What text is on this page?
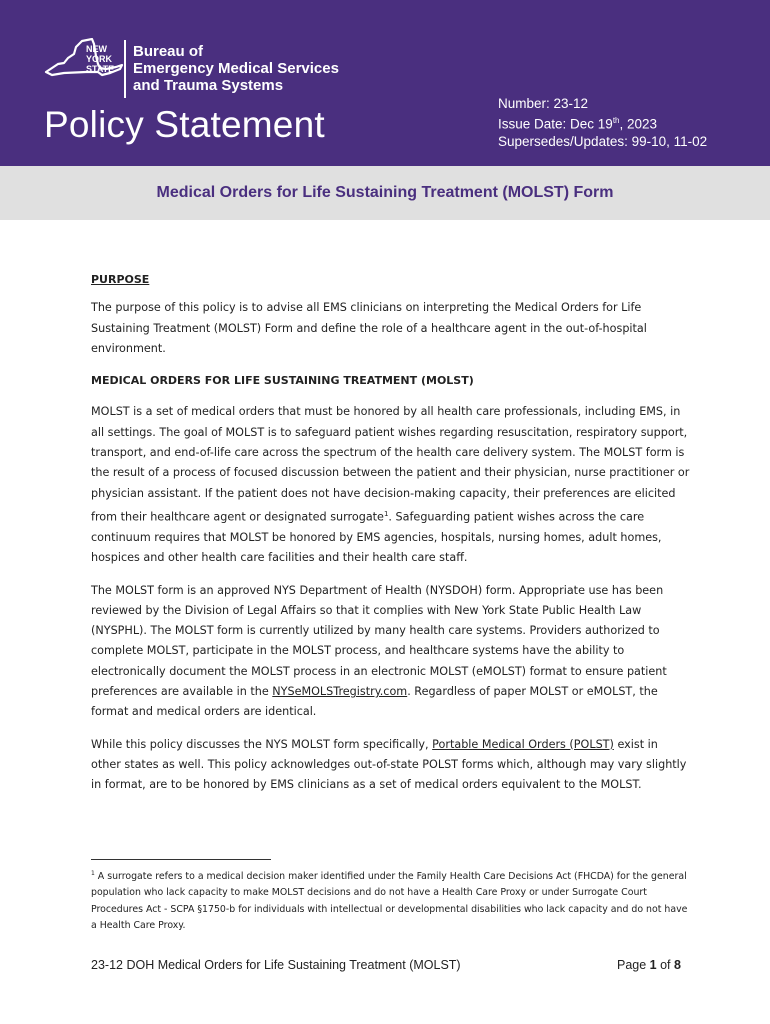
NEW
YORK
STATE
Bureau of
Emergency Medical Services
and Trauma Systems
Policy Statement
Number: 23-12
Issue Date: Dec 19th, 2023
Supersedes/Updates: 99-10, 11-02
Medical Orders for Life Sustaining Treatment (MOLST) Form

PURPOSE

The purpose of this policy is to advise all EMS clinicians on interpreting the Medical Orders for Life Sustaining Treatment (MOLST) Form and define the role of a healthcare agent in the out-of-hospital environment.

MEDICAL ORDERS FOR LIFE SUSTAINING TREATMENT (MOLST)

MOLST is a set of medical orders that must be honored by all health care professionals, including EMS, in all settings. The goal of MOLST is to safeguard patient wishes regarding resuscitation, respiratory support, transport, and end-of-life care across the spectrum of the health care delivery system. The MOLST form is the result of a process of focused discussion between the patient and their physician, nurse practitioner or physician assistant. If the patient does not have decision-making capacity, their preferences are elicited from their healthcare agent or designated surrogate$^1$. Safeguarding patient wishes across the care continuum requires that MOLST be honored by EMS agencies, hospitals, nursing homes, adult homes, hospices and other health care facilities and their health care staff.

The MOLST form is an approved NYS Department of Health (NYSDOH) form. Appropriate use has been reviewed by the Division of Legal Affairs so that it complies with New York State Public Health Law (NYSPHL). The MOLST form is currently utilized by many health care systems. Providers authorized to complete MOLST, participate in the MOLST process, and healthcare systems have the ability to electronically document the MOLST process in an electronic MOLST (eMOLST) format to ensure patient preferences are available in the NYSeMOLSTregistry.com. Regardless of paper MOLST or eMOLST, the format and medical orders are identical.

While this policy discusses the NYS MOLST form specifically, Portable Medical Orders (POLST) exist in other states as well. This policy acknowledges out-of-state POLST forms which, although may vary slightly in format, are to be honored by EMS clinicians as a set of medical orders equivalent to the MOLST.

$^1$ A surrogate refers to a medical decision maker identified under the Family Health Care Decisions Act (FHCDA) for the general population who lack capacity to make MOLST decisions and do not have a Health Care Proxy or under Surrogate Court Procedures Act - SCPA §1750-b for individuals with intellectual or developmental disabilities who lack capacity and do not have a Health Care Proxy.
23-12 DOH Medical Orders for Life Sustaining Treatment (MOLST)	Page 1 of 8
